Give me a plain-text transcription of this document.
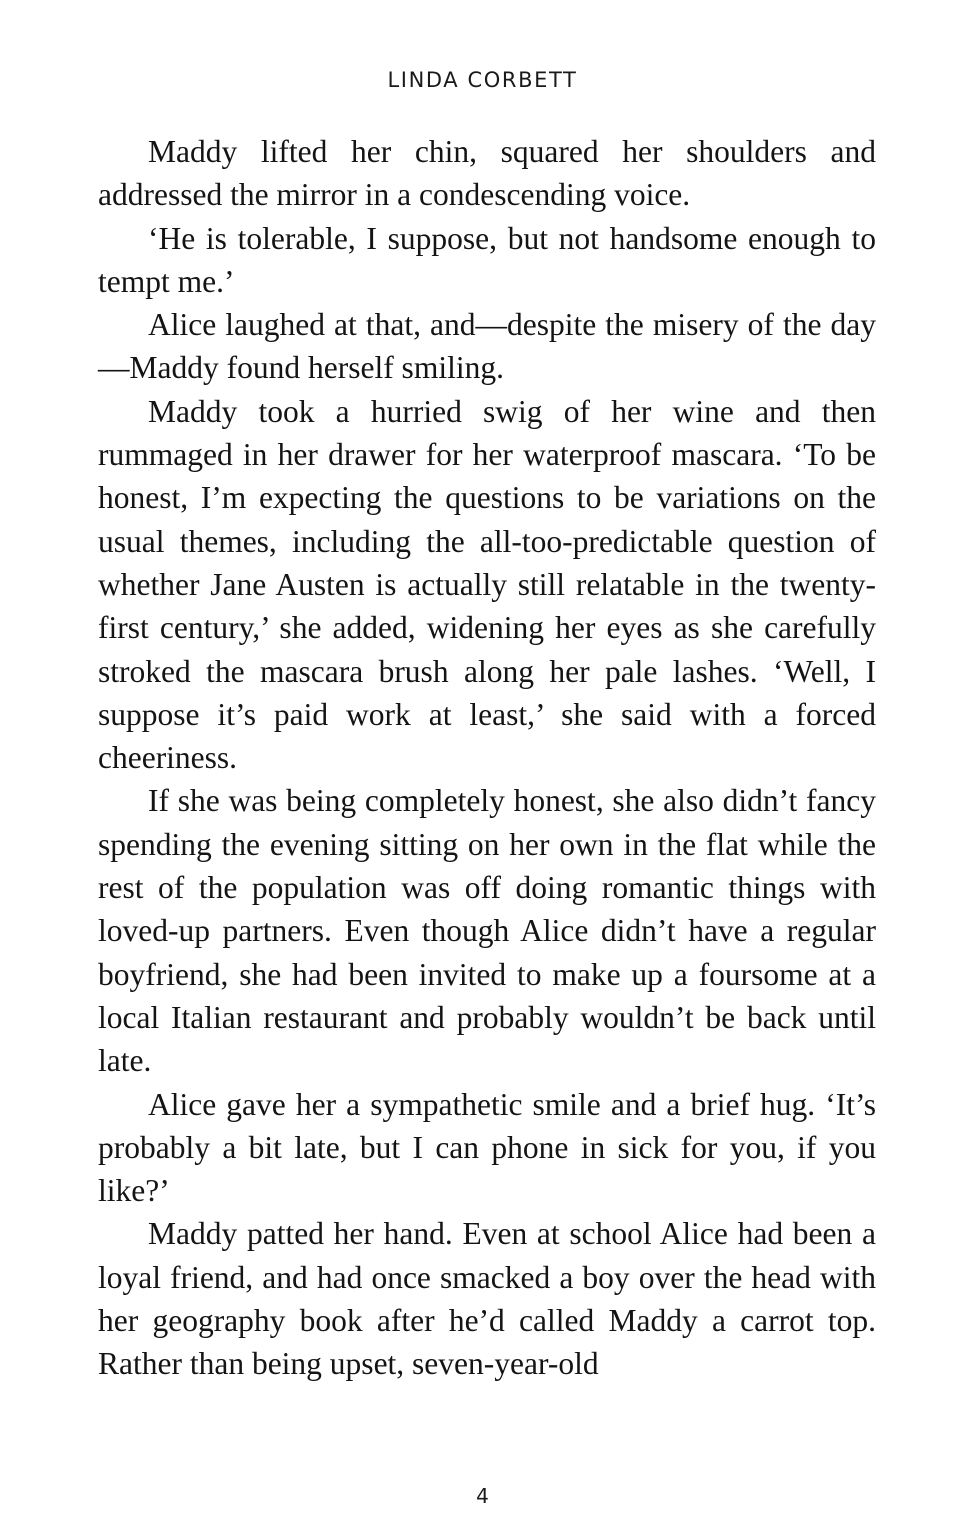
LINDA CORBETT

Maddy lifted her chin, squared her shoulders and addressed the mirror in a condescending voice.

‘He is tolerable, I suppose, but not handsome enough to tempt me.’

Alice laughed at that, and—despite the misery of the day—Maddy found herself smiling.

Maddy took a hurried swig of her wine and then rummaged in her drawer for her waterproof mascara. ‘To be honest, I’m expecting the questions to be variations on the usual themes, including the all-too-predictable question of whether Jane Austen is actually still relatable in the twenty-first century,’ she added, widening her eyes as she carefully stroked the mascara brush along her pale lashes. ‘Well, I suppose it’s paid work at least,’ she said with a forced cheeriness.

If she was being completely honest, she also didn’t fancy spending the evening sitting on her own in the flat while the rest of the population was off doing romantic things with loved-up partners. Even though Alice didn’t have a regular boyfriend, she had been invited to make up a foursome at a local Italian restaurant and probably wouldn’t be back until late.

Alice gave her a sympathetic smile and a brief hug. ‘It’s probably a bit late, but I can phone in sick for you, if you like?’

Maddy patted her hand. Even at school Alice had been a loyal friend, and had once smacked a boy over the head with her geography book after he’d called Maddy a carrot top. Rather than being upset, seven-year-old

4
